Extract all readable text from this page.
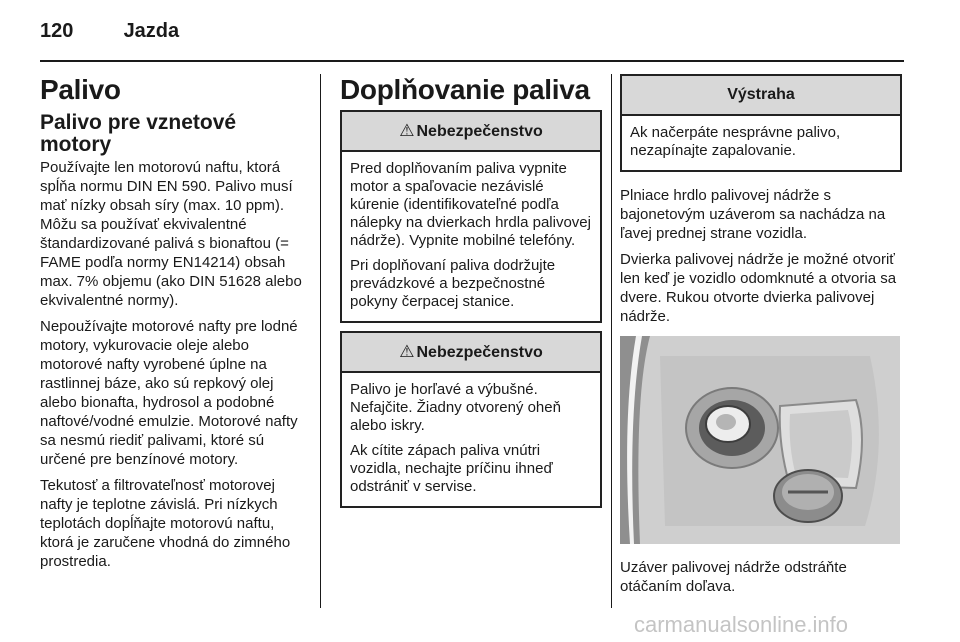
120	Jazda
Palivo
Palivo pre vznetové motory

Používajte len motorovú naftu, ktorá spĺňa normu DIN EN 590. Palivo musí mať nízky obsah síry (max. 10 ppm). Môžu sa používať ekvivalentné štandardizované palivá s bionaftou (= FAME podľa normy EN14214) obsah max. 7% objemu (ako DIN 51628 alebo ekvivalentné normy).

Nepoužívajte motorové nafty pre lodné motory, vykurovacie oleje alebo motorové nafty vyrobené úplne na rastlinnej báze, ako sú repkový olej alebo bionafta, hydrosol a podobné naftové/vodné emulzie. Motorové nafty sa nesmú riediť palivami, ktoré sú určené pre benzínové motory.

Tekutosť a filtrovateľnosť motorovej nafty je teplotne závislá. Pri nízkych teplotách dopĺňajte motorovú naftu, ktorá je zaručene vhodná do zimného prostredia.

Doplňovanie paliva
⚠ Nebezpečenstvo

Pred doplňovaním paliva vypnite motor a spaľovacie nezávislé kúrenie (identifikovateľné podľa nálepky na dvierkach hrdla palivovej nádrže). Vypnite mobilné telefóny.

Pri doplňovaní paliva dodržujte prevádzkové a bezpečnostné pokyny čerpacej stanice.

⚠ Nebezpečenstvo

Palivo je horľavé a výbušné. Nefajčite. Žiadny otvorený oheň alebo iskry.

Ak cítite zápach paliva vnútri vozidla, nechajte príčinu ihneď odstrániť v servise.

Výstraha

Ak načerpáte nesprávne palivo, nezapínajte zapalovanie.

Plniace hrdlo palivovej nádrže s bajonetovým uzáverom sa nachádza na ľavej prednej strane vozidla.

Dvierka palivovej nádrže je možné otvoriť len keď je vozidlo odomknuté a otvoria sa dvere. Rukou otvorte dvierka palivovej nádrže.

Uzáver palivovej nádrže odstráňte otáčaním doľava.

carmanualsonline.info
